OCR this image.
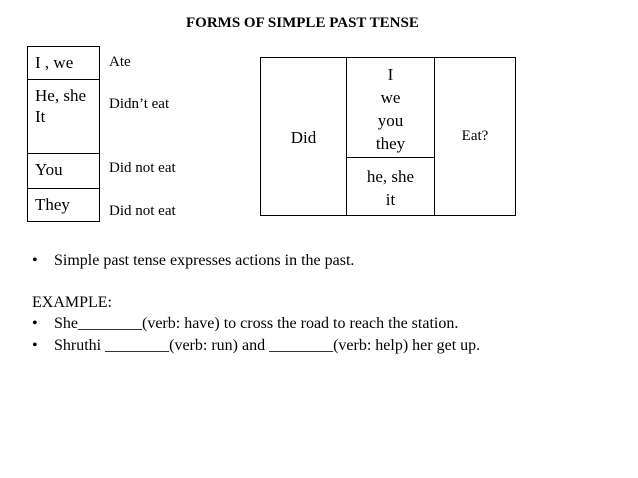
FORMS OF SIMPLE PAST TENSE
I , we
He, she
It
You
They
Ate
Didn’t eat
Did not eat
Did not eat
Did
I
we
you
they
he, she
it
Eat?
• Simple past tense expresses actions in the past.
EXAMPLE:
• She________(verb: have) to cross the road to reach the station.
• Shruthi ________(verb: run) and ________(verb: help) her get up.
